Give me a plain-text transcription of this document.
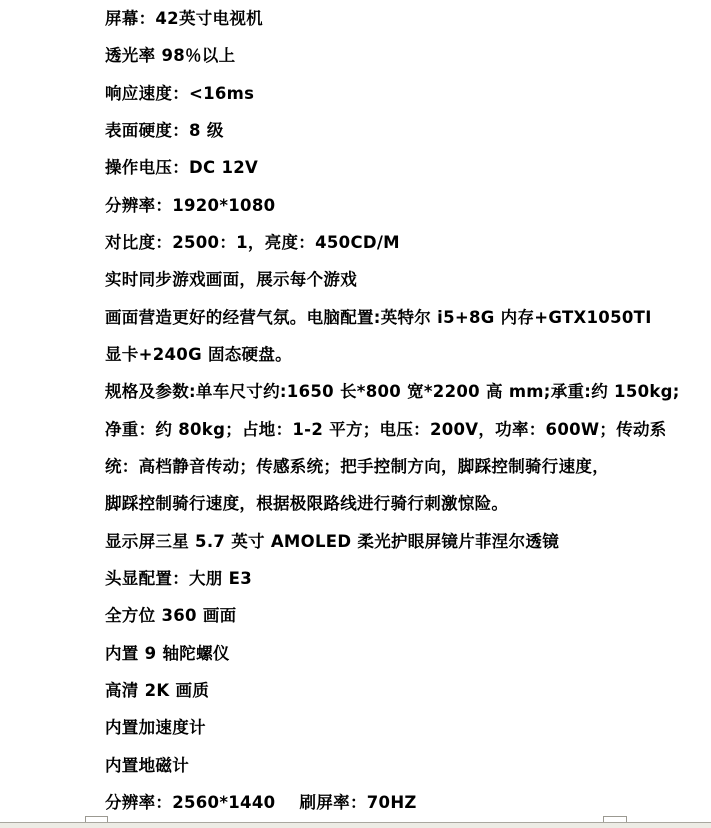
屏幕：42英寸电视机

透光率 98％以上

响应速度：<16ms

表面硬度：8 级

操作电压：DC 12V

分辨率：1920*1080

对比度：2500：1，亮度：450CD/M

实时同步游戏画面，展示每个游戏

画面营造更好的经营气氛。电脑配置:英特尔 i5+8G 内存+GTX1050TI

显卡+240G 固态硬盘。

规格及参数:单车尺寸约:1650 长*800 宽*2200 高 mm;承重:约 150kg;

净重：约 80kg；占地：1-2 平方；电压：200V，功率：600W；传动系

统：高档静音传动；传感系统；把手控制方向，脚踩控制骑行速度，

脚踩控制骑行速度，根据极限路线进行骑行刺激惊险。

显示屏三星 5.7 英寸 AMOLED 柔光护眼屏镜片菲涅尔透镜

头显配置：大朋 E3

全方位 360 画面

内置 9 轴陀螺仪

高清 2K 画质

内置加速度计

内置地磁计

分辨率：2560*1440    刷屏率：70HZ
